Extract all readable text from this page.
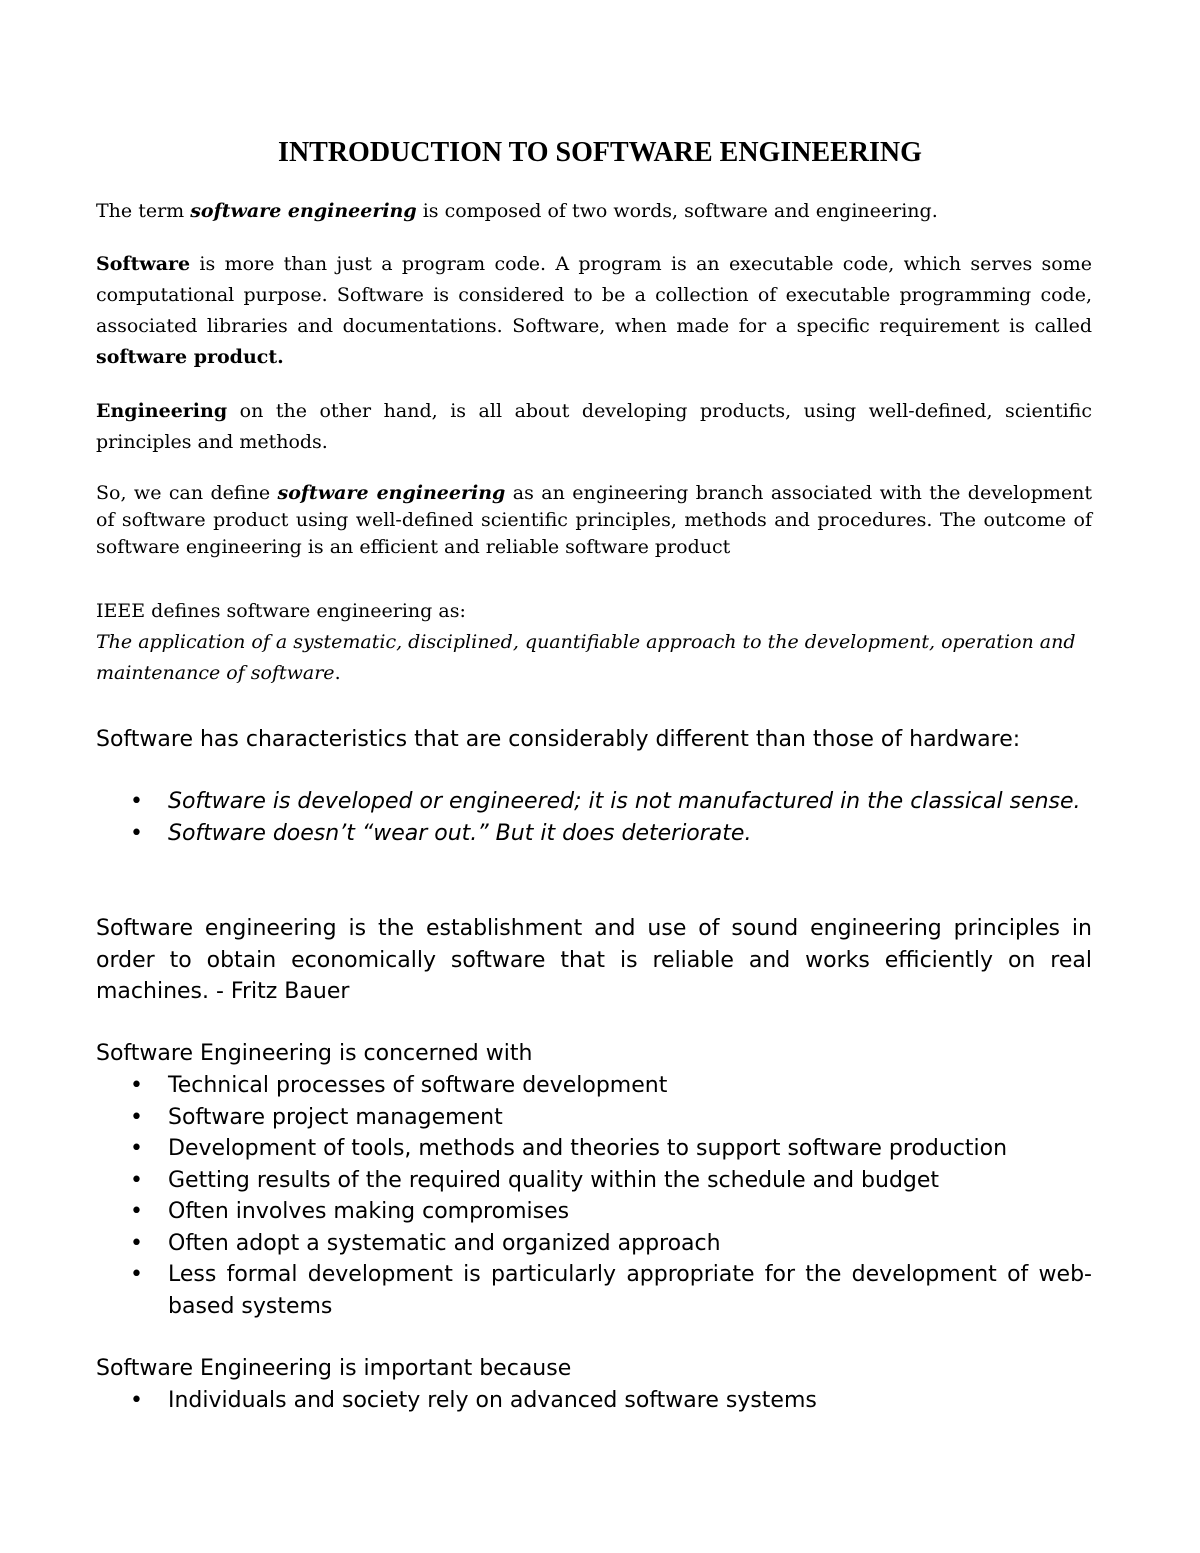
INTRODUCTION TO SOFTWARE ENGINEERING

The term software engineering is composed of two words, software and engineering.

Software is more than just a program code. A program is an executable code, which serves some computational purpose. Software is considered to be a collection of executable programming code, associated libraries and documentations. Software, when made for a specific requirement is called software product.

Engineering on the other hand, is all about developing products, using well-defined, scientific principles and methods.

So, we can define software engineering as an engineering branch associated with the development of software product using well-defined scientific principles, methods and procedures. The outcome of software engineering is an efficient and reliable software product

IEEE defines software engineering as:

The application of a systematic, disciplined, quantifiable approach to the development, operation and maintenance of software.

Software has characteristics that are considerably different than those of hardware:

• Software is developed or engineered; it is not manufactured in the classical sense.
• Software doesn’t “wear out.” But it does deteriorate.

Software engineering is the establishment and use of sound engineering principles in order to obtain economically software that is reliable and works efficiently on real machines. - Fritz Bauer

Software Engineering is concerned with

• Technical processes of software development
• Software project management
• Development of tools, methods and theories to support software production
• Getting results of the required quality within the schedule and budget
• Often involves making compromises
• Often adopt a systematic and organized approach
• Less formal development is particularly appropriate for the development of web-based systems

Software Engineering is important because

• Individuals and society rely on advanced software systems
